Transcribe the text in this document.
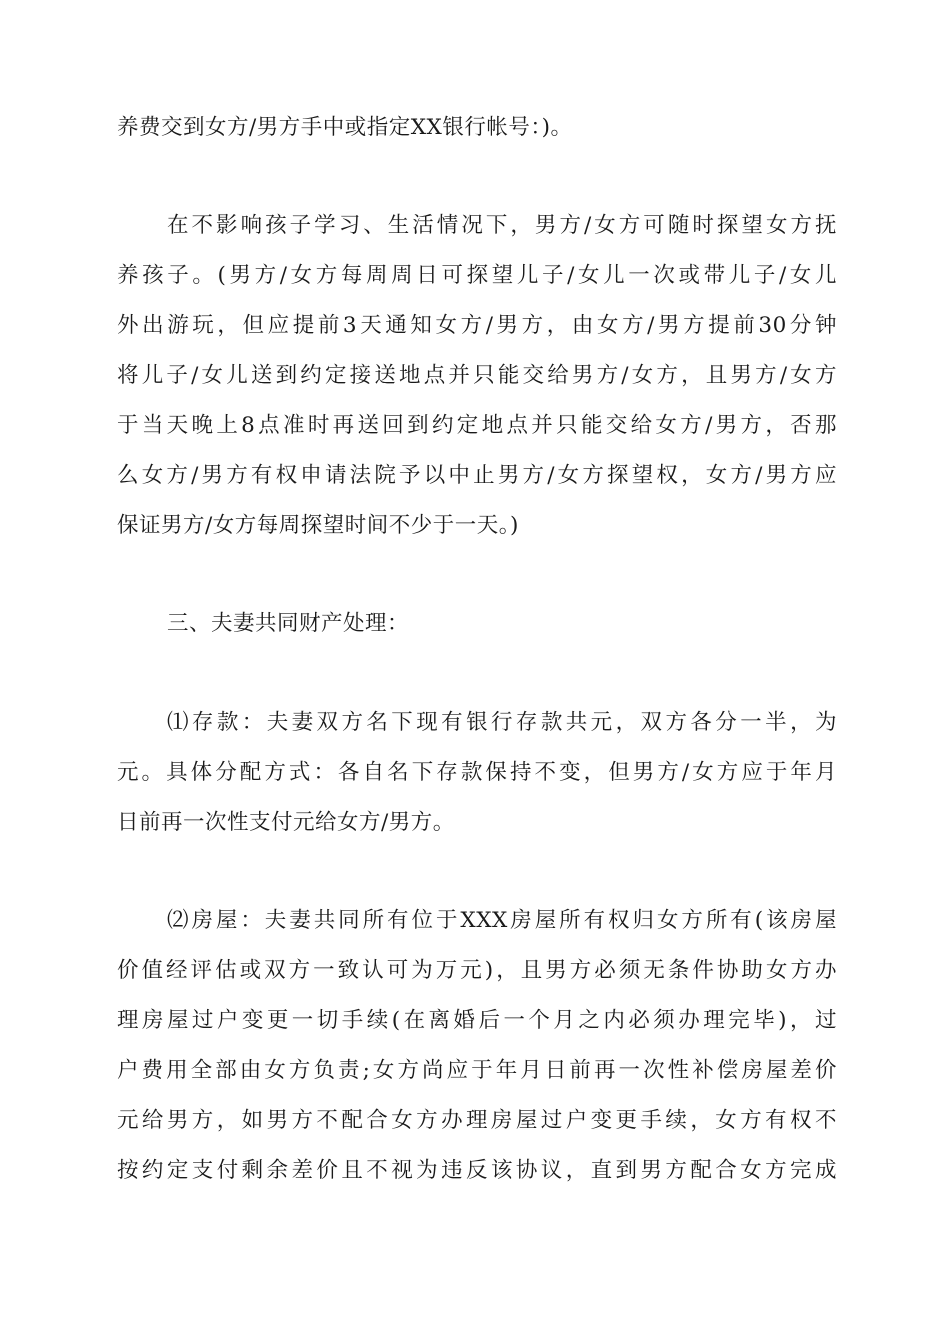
养费交到女方/男方手中或指定XX银行帐号：)。
在不影响孩子学习、生活情况下，男方/女方可随时探望女方抚
养孩子。(男方/女方每周周日可探望儿子/女儿一次或带儿子/女儿
外出游玩，但应提前3天通知女方/男方，由女方/男方提前30分钟
将儿子/女儿送到约定接送地点并只能交给男方/女方，且男方/女方
于当天晚上8点准时再送回到约定地点并只能交给女方/男方，否那
么女方/男方有权申请法院予以中止男方/女方探望权，女方/男方应
保证男方/女方每周探望时间不少于一天。)
三、夫妻共同财产处理：
⑴存款：夫妻双方名下现有银行存款共元，双方各分一半，为
元。具体分配方式：各自名下存款保持不变，但男方/女方应于年月
日前再一次性支付元给女方/男方。
⑵房屋：夫妻共同所有位于XXX房屋所有权归女方所有(该房屋
价值经评估或双方一致认可为万元)，且男方必须无条件协助女方办
理房屋过户变更一切手续(在离婚后一个月之内必须办理完毕)，过
户费用全部由女方负责;女方尚应于年月日前再一次性补偿房屋差价
元给男方，如男方不配合女方办理房屋过户变更手续，女方有权不
按约定支付剩余差价且不视为违反该协议，直到男方配合女方完成
